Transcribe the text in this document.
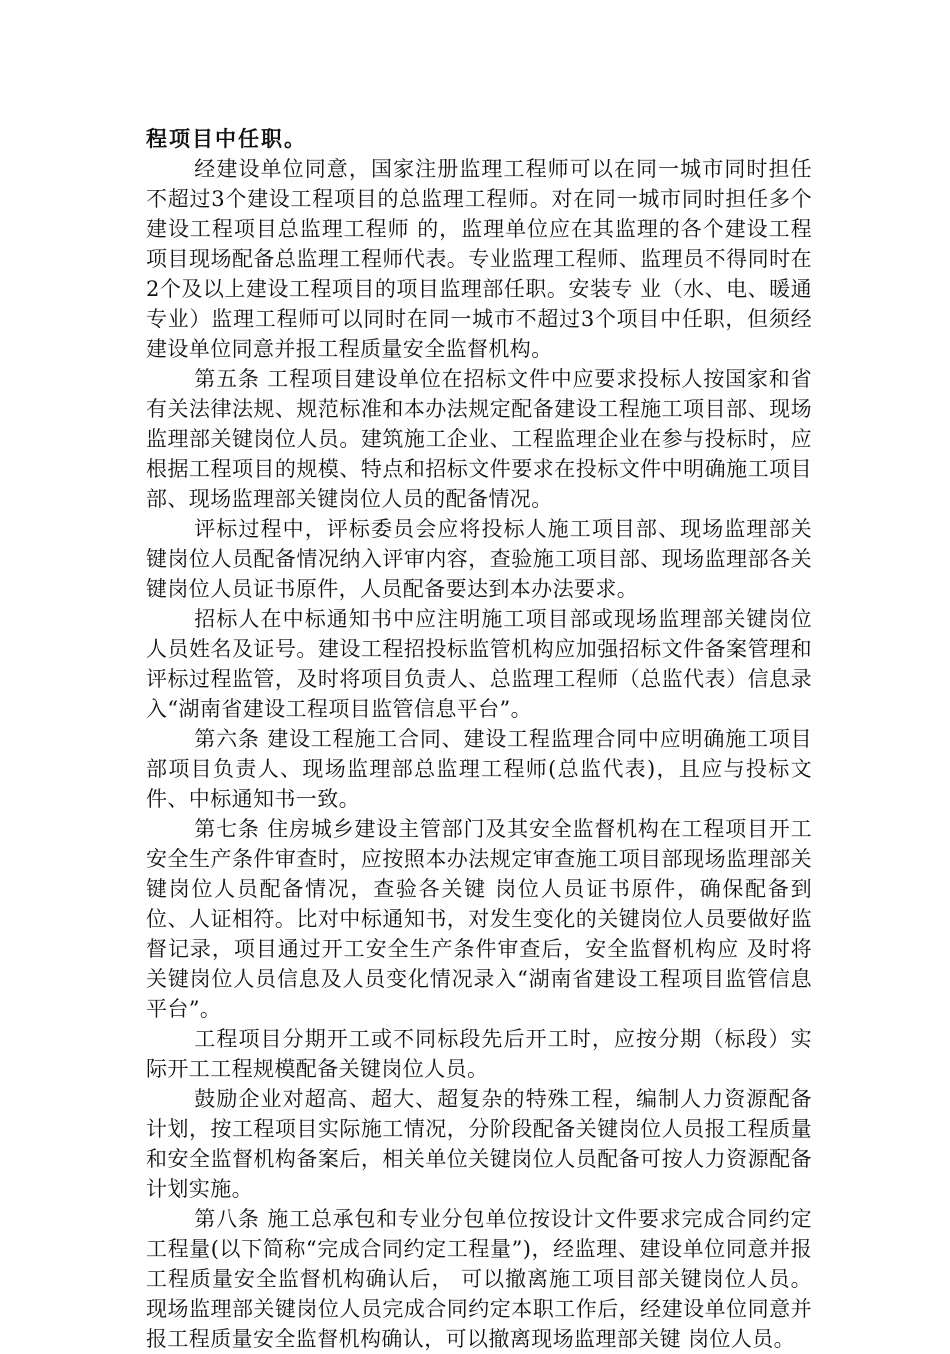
程项目中任职。

经建设单位同意，国家注册监理工程师可以在同一城市同时担任不超过3个建设工程项目的总监理工程师。对在同一城市同时担任多个建设工程项目总监理工程师 的，监理单位应在其监理的各个建设工程项目现场配备总监理工程师代表。专业监理工程师、监理员不得同时在2个及以上建设工程项目的项目监理部任职。安装专 业（水、电、暖通专业）监理工程师可以同时在同一城市不超过3个项目中任职，但须经建设单位同意并报工程质量安全监督机构。

第五条 工程项目建设单位在招标文件中应要求投标人按国家和省有关法律法规、规范标准和本办法规定配备建设工程施工项目部、现场监理部关键岗位人员。建筑施工企业、工程监理企业在参与投标时，应根据工程项目的规模、特点和招标文件要求在投标文件中明确施工项目部、现场监理部关键岗位人员的配备情况。

评标过程中，评标委员会应将投标人施工项目部、现场监理部关键岗位人员配备情况纳入评审内容，查验施工项目部、现场监理部各关键岗位人员证书原件，人员配备要达到本办法要求。

招标人在中标通知书中应注明施工项目部或现场监理部关键岗位人员姓名及证号。建设工程招投标监管机构应加强招标文件备案管理和评标过程监管，及时将项目负责人、总监理工程师（总监代表）信息录入“湖南省建设工程项目监管信息平台”。

第六条 建设工程施工合同、建设工程监理合同中应明确施工项目部项目负责人、现场监理部总监理工程师(总监代表)，且应与投标文件、中标通知书一致。

第七条 住房城乡建设主管部门及其安全监督机构在工程项目开工安全生产条件审查时，应按照本办法规定审查施工项目部现场监理部关键岗位人员配备情况，查验各关键 岗位人员证书原件，确保配备到位、人证相符。比对中标通知书，对发生变化的关键岗位人员要做好监督记录，项目通过开工安全生产条件审查后，安全监督机构应 及时将关键岗位人员信息及人员变化情况录入“湖南省建设工程项目监管信息平台”。

工程项目分期开工或不同标段先后开工时，应按分期（标段）实际开工工程规模配备关键岗位人员。

鼓励企业对超高、超大、超复杂的特殊工程，编制人力资源配备计划，按工程项目实际施工情况，分阶段配备关键岗位人员报工程质量和安全监督机构备案后，相关单位关键岗位人员配备可按人力资源配备计划实施。

第八条 施工总承包和专业分包单位按设计文件要求完成合同约定工程量(以下简称“完成合同约定工程量”)，经监理、建设单位同意并报工程质量安全监督机构确认后， 可以撤离施工项目部关键岗位人员。现场监理部关键岗位人员完成合同约定本职工作后，经建设单位同意并报工程质量安全监督机构确认，可以撤离现场监理部关键 岗位人员。
